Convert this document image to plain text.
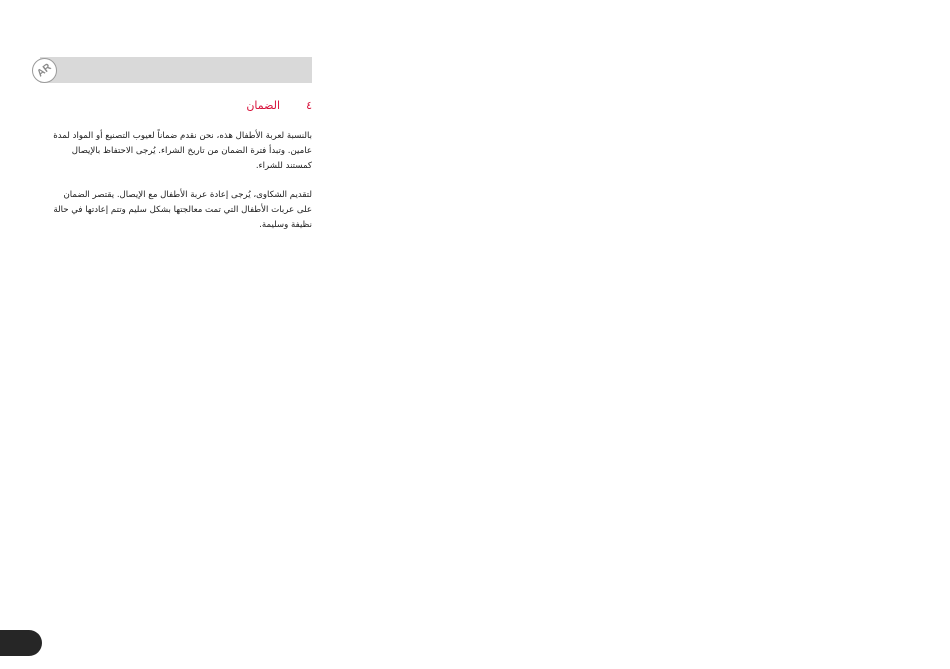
AR
٤الضمان
بالنسبة لعربة الأطفال هذه، نحن نقدم ضماناً لعيوب التصنيع أو المواد لمدة
عامين. وتبدأ فترة الضمان من تاريخ الشراء. يُرجى الاحتفاظ بالإيصال
كمستند للشراء.
لتقديم الشكاوى، يُرجى إعادة عربة الأطفال مع الإيصال. يقتصر الضمان
على عربات الأطفال التي تمت معالجتها بشكل سليم وتتم إعادتها في حالة
نظيفة وسليمة.
